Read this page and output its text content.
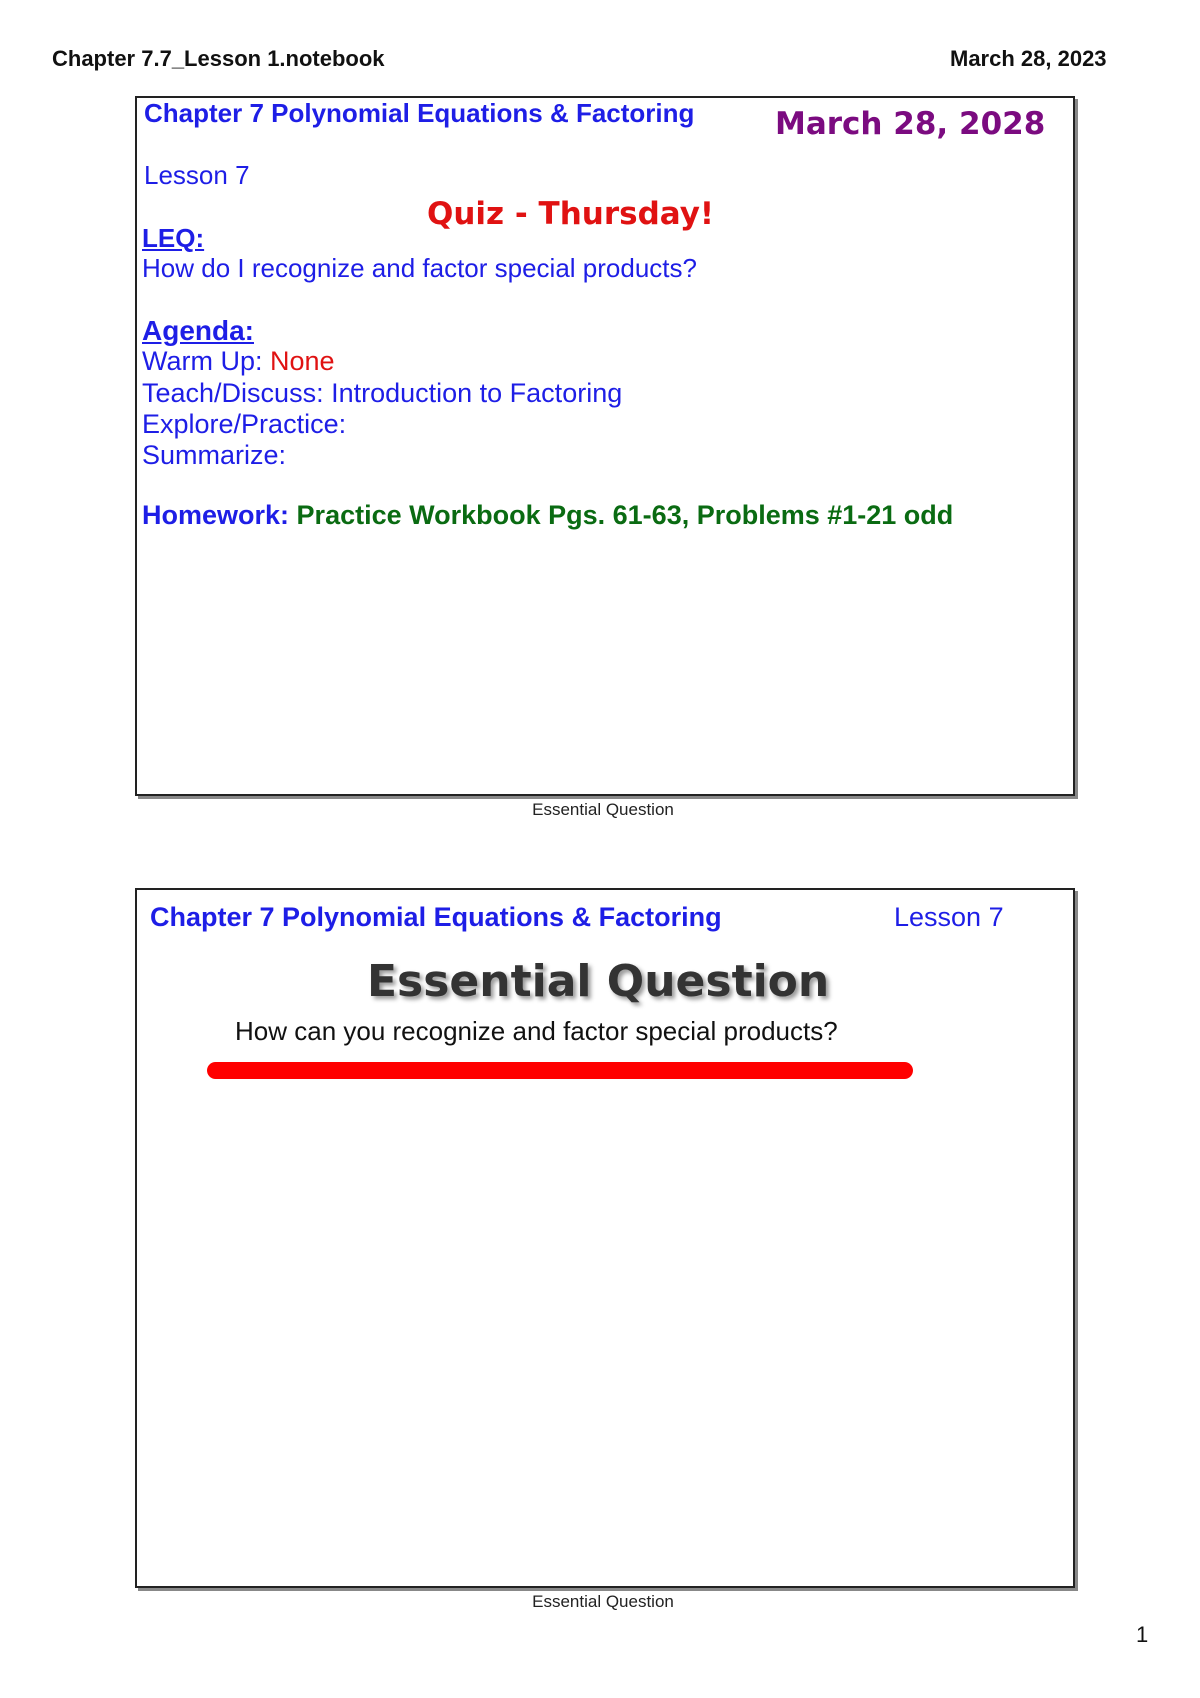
Chapter 7.7_Lesson 1.notebook	March 28, 2023
Chapter 7 Polynomial Equations & Factoring	March 28, 2028
Lesson 7
Quiz - Thursday!
LEQ:
How do I recognize and factor special products?
Agenda:
Warm Up: None
Teach/Discuss: Introduction to Factoring
Explore/Practice:
Summarize:
Homework: Practice Workbook Pgs. 61-63, Problems #1-21 odd
Essential Question
Chapter 7 Polynomial Equations & Factoring	Lesson 7
Essential Question
How can you recognize and factor special products?
Essential Question
1
